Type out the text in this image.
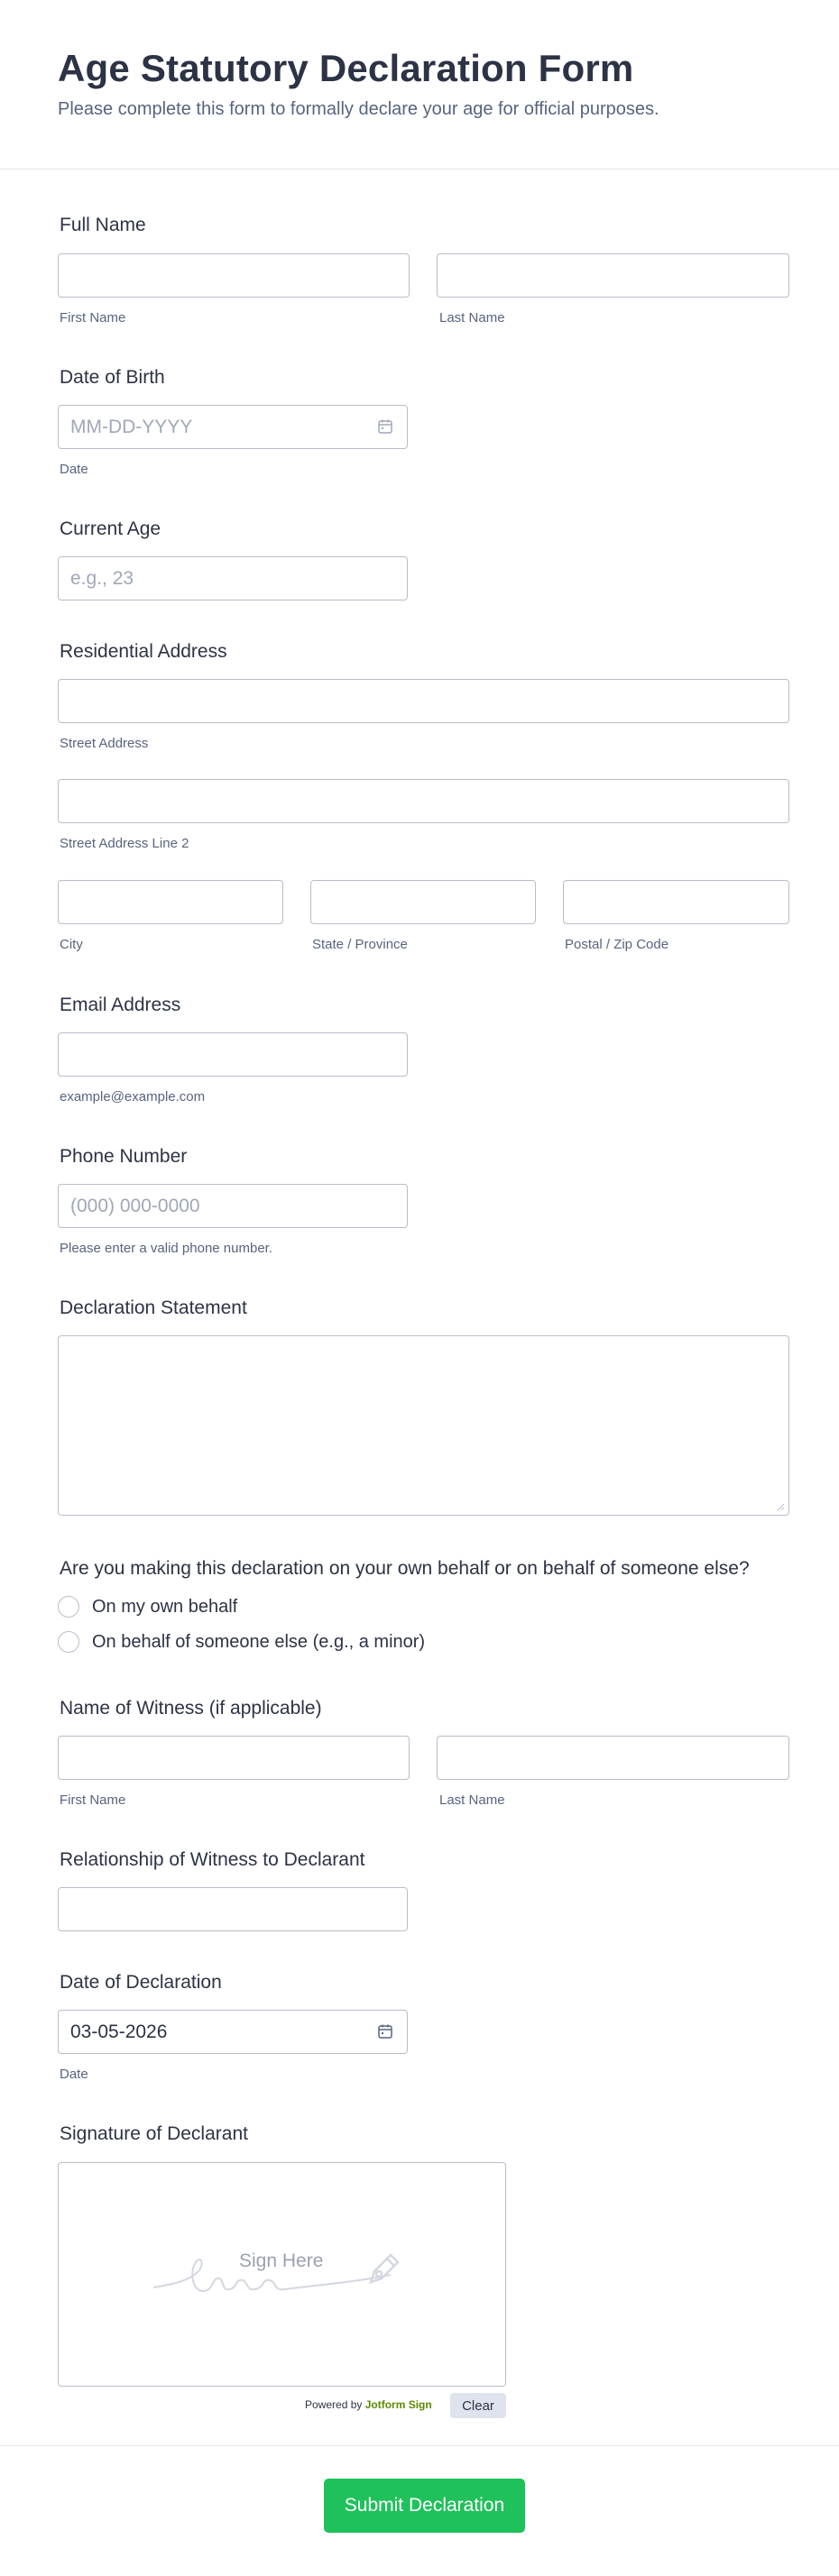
Age Statutory Declaration Form

Please complete this form to formally declare your age for official purposes.

Full Name
First Name	Last Name
Date of Birth
MM-DD-YYYY
Date
Current Age
e.g., 23
Residential Address
Street Address
Street Address Line 2
City	State / Province	Postal / Zip Code
Email Address
example@example.com
Phone Number
(000) 000-0000
Please enter a valid phone number.
Declaration Statement
Are you making this declaration on your own behalf or on behalf of someone else?
On my own behalf
On behalf of someone else (e.g., a minor)
Name of Witness (if applicable)
First Name	Last Name
Relationship of Witness to Declarant
Date of Declaration
03-05-2026
Date
Signature of Declarant
Sign Here
Powered by Jotform Sign	Clear
Submit Declaration
